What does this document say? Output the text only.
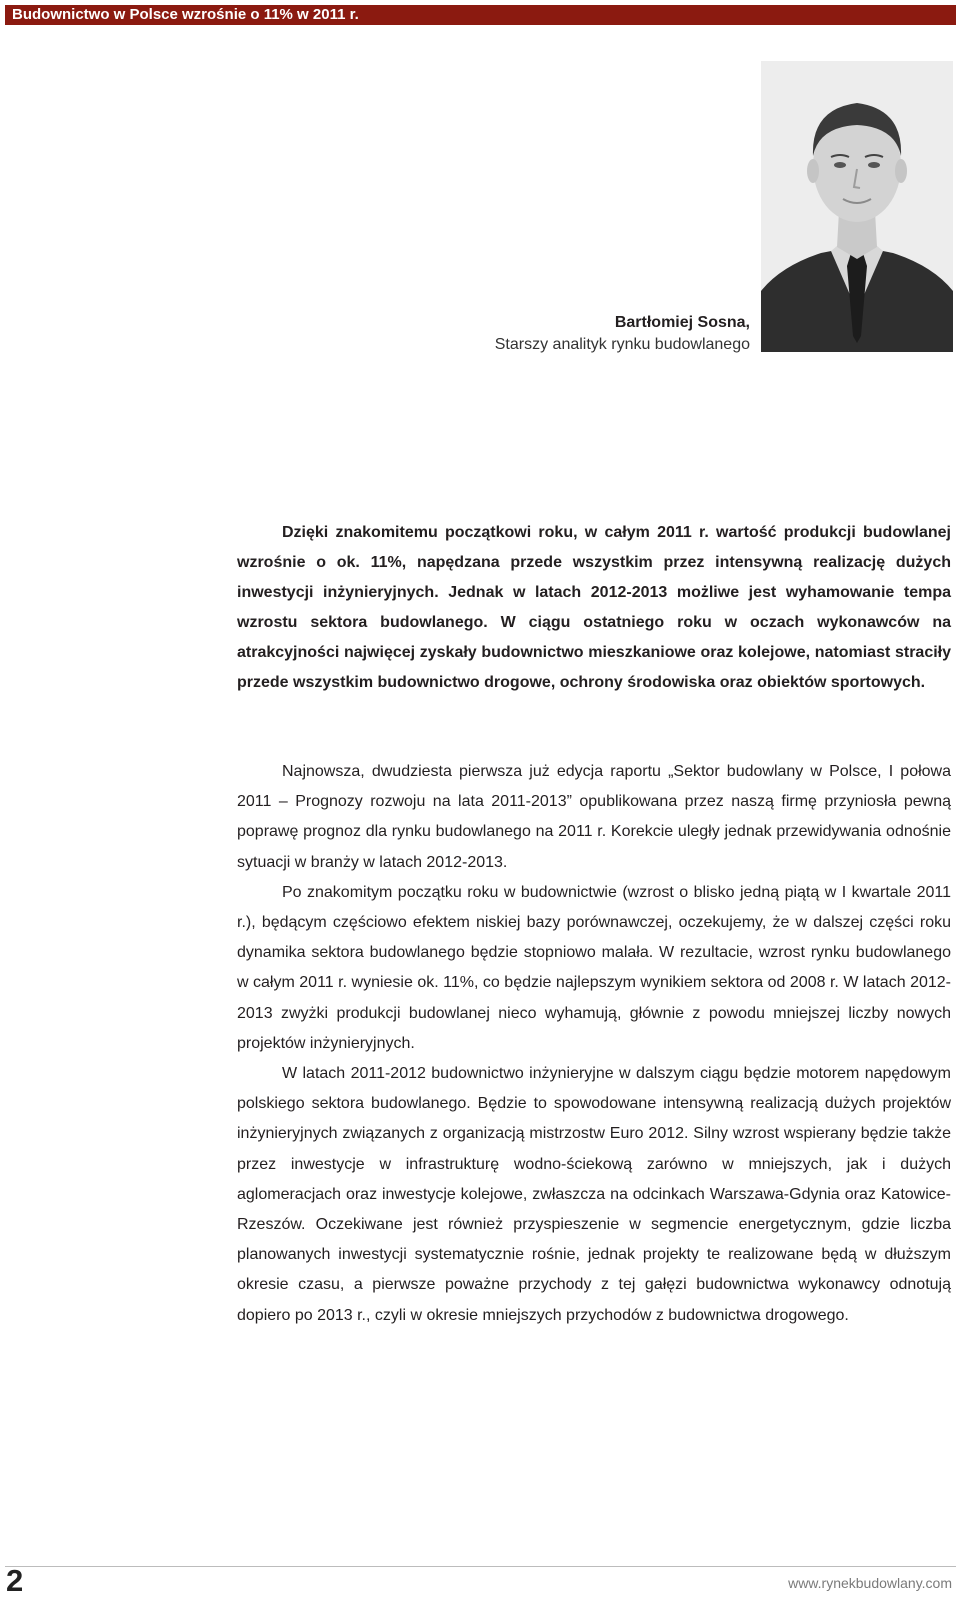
Budownictwo w Polsce wzrośnie o 11% w 2011 r.
Bartłomiej Sosna,
Starszy analityk rynku budowlanego

Dzięki znakomitemu początkowi roku, w całym 2011 r. wartość produkcji budowlanej wzrośnie o ok. 11%, napędzana przede wszystkim przez intensywną realizację dużych inwestycji inżynieryjnych. Jednak w latach 2012-2013 możliwe jest wyhamowanie tempa wzrostu sektora budowlanego. W ciągu ostatniego roku w oczach wykonawców na atrakcyjności najwięcej zyskały budownictwo mieszkaniowe oraz kolejowe, natomiast straciły przede wszystkim budownictwo drogowe, ochrony środowiska oraz obiektów sportowych.

Najnowsza, dwudziesta pierwsza już edycja raportu „Sektor budowlany w Polsce, I połowa 2011 – Prognozy rozwoju na lata 2011-2013” opublikowana przez naszą firmę przyniosła pewną poprawę prognoz dla rynku budowlanego na 2011 r. Korekcie uległy jednak przewidywania odnośnie sytuacji w branży w latach 2012-2013.

Po znakomitym początku roku w budownictwie (wzrost o blisko jedną piątą w I kwartale 2011 r.), będącym częściowo efektem niskiej bazy porównawczej, oczekujemy, że w dalszej części roku dynamika sektora budowlanego będzie stopniowo malała. W rezultacie, wzrost rynku budowlanego w całym 2011 r. wyniesie ok. 11%, co będzie najlepszym wynikiem sektora od 2008 r. W latach 2012-2013 zwyżki produkcji budowlanej nieco wyhamują, głównie z powodu mniejszej liczby nowych projektów inżynieryjnych.

W latach 2011-2012 budownictwo inżynieryjne w dalszym ciągu będzie motorem napędowym polskiego sektora budowlanego. Będzie to spowodowane intensywną realizacją dużych projektów inżynieryjnych związanych z organizacją mistrzostw Euro 2012. Silny wzrost wspierany będzie także przez inwestycje w infrastrukturę wodno-ściekową zarówno w mniejszych, jak i dużych aglomeracjach oraz inwestycje kolejowe, zwłaszcza na odcinkach Warszawa-Gdynia oraz Katowice-Rzeszów. Oczekiwane jest również przyspieszenie w segmencie energetycznym, gdzie liczba planowanych inwestycji systematycznie rośnie, jednak projekty te realizowane będą w dłuższym okresie czasu, a pierwsze poważne przychody z tej gałęzi budownictwa wykonawcy odnotują dopiero po 2013 r., czyli w okresie mniejszych przychodów z budownictwa drogowego.

2	www.rynekbudowlany.com
